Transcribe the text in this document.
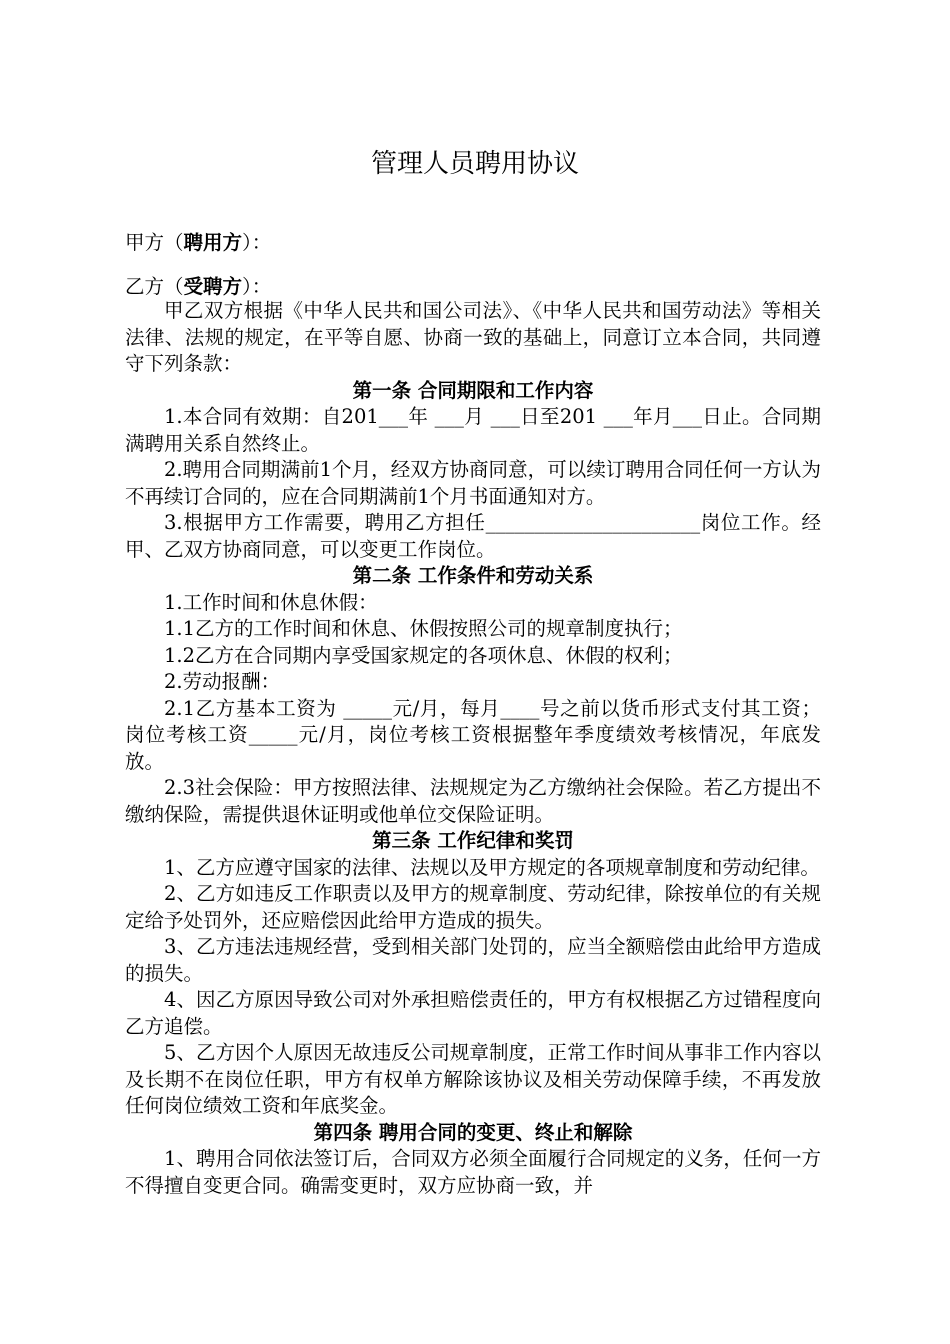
管理人员聘用协议
甲方（聘用方）：
乙方（受聘方）：

甲乙双方根据《中华人民共和国公司法》、《中华人民共和国劳动法》等相关法律、法规的规定，在平等自愿、协商一致的基础上，同意订立本合同，共同遵守下列条款：

第一条 合同期限和工作内容

1.本合同有效期：自201___年 ___月 ___日至201 ___年月___日止。合同期满聘用关系自然终止。

2.聘用合同期满前1个月，经双方协商同意，可以续订聘用合同任何一方认为不再续订合同的，应在合同期满前1个月书面通知对方。

3.根据甲方工作需要，聘用乙方担任______________________岗位工作。经甲、乙双方协商同意，可以变更工作岗位。

第二条 工作条件和劳动关系

1.工作时间和休息休假：

1.1乙方的工作时间和休息、休假按照公司的规章制度执行；

1.2乙方在合同期内享受国家规定的各项休息、休假的权利；

2.劳动报酬：

2.1乙方基本工资为 _____元/月，每月____号之前以货币形式支付其工资；岗位考核工资_____元/月，岗位考核工资根据整年季度绩效考核情况，年底发放。

2.3社会保险：甲方按照法律、法规规定为乙方缴纳社会保险。若乙方提出不缴纳保险，需提供退休证明或他单位交保险证明。

第三条 工作纪律和奖罚

1、乙方应遵守国家的法律、法规以及甲方规定的各项规章制度和劳动纪律。

2、乙方如违反工作职责以及甲方的规章制度、劳动纪律，除按单位的有关规定给予处罚外，还应赔偿因此给甲方造成的损失。

3、乙方违法违规经营，受到相关部门处罚的，应当全额赔偿由此给甲方造成的损失。

4、因乙方原因导致公司对外承担赔偿责任的，甲方有权根据乙方过错程度向乙方追偿。

5、乙方因个人原因无故违反公司规章制度，正常工作时间从事非工作内容以及长期不在岗位任职，甲方有权单方解除该协议及相关劳动保障手续，不再发放任何岗位绩效工资和年底奖金。

第四条 聘用合同的变更、终止和解除

1、聘用合同依法签订后，合同双方必须全面履行合同规定的义务，任何一方不得擅自变更合同。确需变更时，双方应协商一致，并
